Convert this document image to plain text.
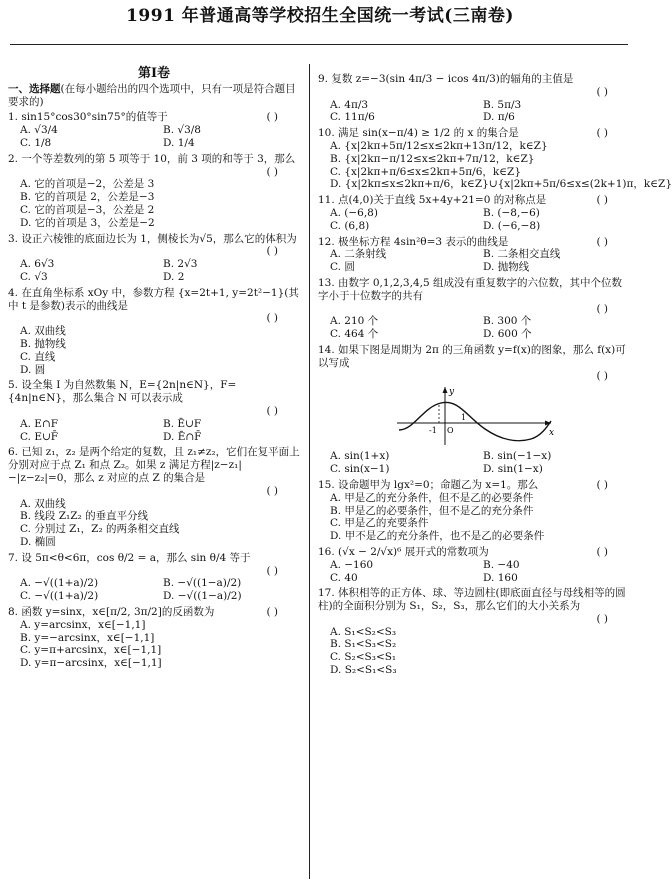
1991 年普通高等学校招生全国统一考试(三南卷)
第Ⅰ卷
一、选择题(在每小题给出的四个选项中，只有一项是符合题目要求的)
1. sin15°cos30°sin75°的值等于	( )
A. √3/4	B. √3/8
C. 1/8	D. 1/4
2. 一个等差数列的第 5 项等于 10，前 3 项的和等于 3，那么
( )
A. 它的首项是−2，公差是 3
B. 它的首项是 2，公差是−3
C. 它的首项是−3，公差是 2
D. 它的首项是 3，公差是−2
3. 设正六棱锥的底面边长为 1，侧棱长为√5，那么它的体积为
( )
A. 6√3	B. 2√3
C. √3	D. 2
4. 在直角坐标系 xOy 中，参数方程 {x=2t+1, y=2t²−1}(其中 t 是参数)表示的曲线是
( )
A. 双曲线
B. 抛物线
C. 直线
D. 圆
5. 设全集 I 为自然数集 N，E={2n|n∈N}，F={4n|n∈N}，那么集合 N 可以表示成
( )
A. E∩F	B. Ē∪F
C. E∪F̄	D. Ē∩F̄
6. 已知 z₁，z₂ 是两个给定的复数，且 z₁≠z₂，它们在复平面上分别对应于点 Z₁ 和点 Z₂。如果 z 满足方程|z−z₁|−|z−z₂|=0，那么 z 对应的点 Z 的集合是
( )
A. 双曲线
B. 线段 Z₁Z₂ 的垂直平分线
C. 分别过 Z₁，Z₂ 的两条相交直线
D. 椭圆
7. 设 5π<θ<6π，cos θ/2 = a，那么 sin θ/4 等于
( )
A. −√((1+a)/2)	B. −√((1−a)/2)
C. −√((1+a)/2)	D. −√((1−a)/2)
8. 函数 y=sinx，x∈[π/2, 3π/2]的反函数为	( )
A. y=arcsinx，x∈[−1,1]
B. y=−arcsinx，x∈[−1,1]
C. y=π+arcsinx，x∈[−1,1]
D. y=π−arcsinx，x∈[−1,1]
9. 复数 z=−3(sin 4π/3 − icos 4π/3)的辐角的主值是
( )
A. 4π/3	B. 5π/3
C. 11π/6	D. π/6
10. 满足 sin(x−π/4) ≥ 1/2 的 x 的集合是	( )
A. {x|2kπ+5π/12≤x≤2kπ+13π/12，k∈Z}
B. {x|2kπ−π/12≤x≤2kπ+7π/12，k∈Z}
C. {x|2kπ+π/6≤x≤2kπ+5π/6，k∈Z}
D. {x|2kπ≤x≤2kπ+π/6，k∈Z}∪{x|2kπ+5π/6≤x≤(2k+1)π，k∈Z}
11. 点(4,0)关于直线 5x+4y+21=0 的对称点是	( )
A. (−6,8)	B. (−8,−6)
C. (6,8)	D. (−6,−8)
12. 极坐标方程 4sin²θ=3 表示的曲线是	( )
A. 二条射线	B. 二条相交直线
C. 圆	D. 抛物线
13. 由数字 0,1,2,3,4,5 组成没有重复数字的六位数，其中个位数字小于十位数字的共有
( )
A. 210 个	B. 300 个
C. 464 个	D. 600 个
14. 如果下图是周期为 2π 的三角函数 y=f(x)的图象，那么 f(x)可以写成
( )
y
x
O
1
-1
A. sin(1+x)	B. sin(−1−x)
C. sin(x−1)	D. sin(1−x)
15. 设命题甲为 lgx²=0；命题乙为 x=1。那么	( )
A. 甲是乙的充分条件，但不是乙的必要条件
B. 甲是乙的必要条件，但不是乙的充分条件
C. 甲是乙的充要条件
D. 甲不是乙的充分条件，也不是乙的必要条件
16. (√x − 2/√x)⁶ 展开式的常数项为	( )
A. −160	B. −40
C. 40	D. 160
17. 体积相等的正方体、球、等边圆柱(即底面直径与母线相等的圆柱)的全面积分别为 S₁，S₂，S₃，那么它们的大小关系为
( )
A. S₁<S₂<S₃
B. S₁<S₃<S₂
C. S₂<S₃<S₁
D. S₂<S₁<S₃
